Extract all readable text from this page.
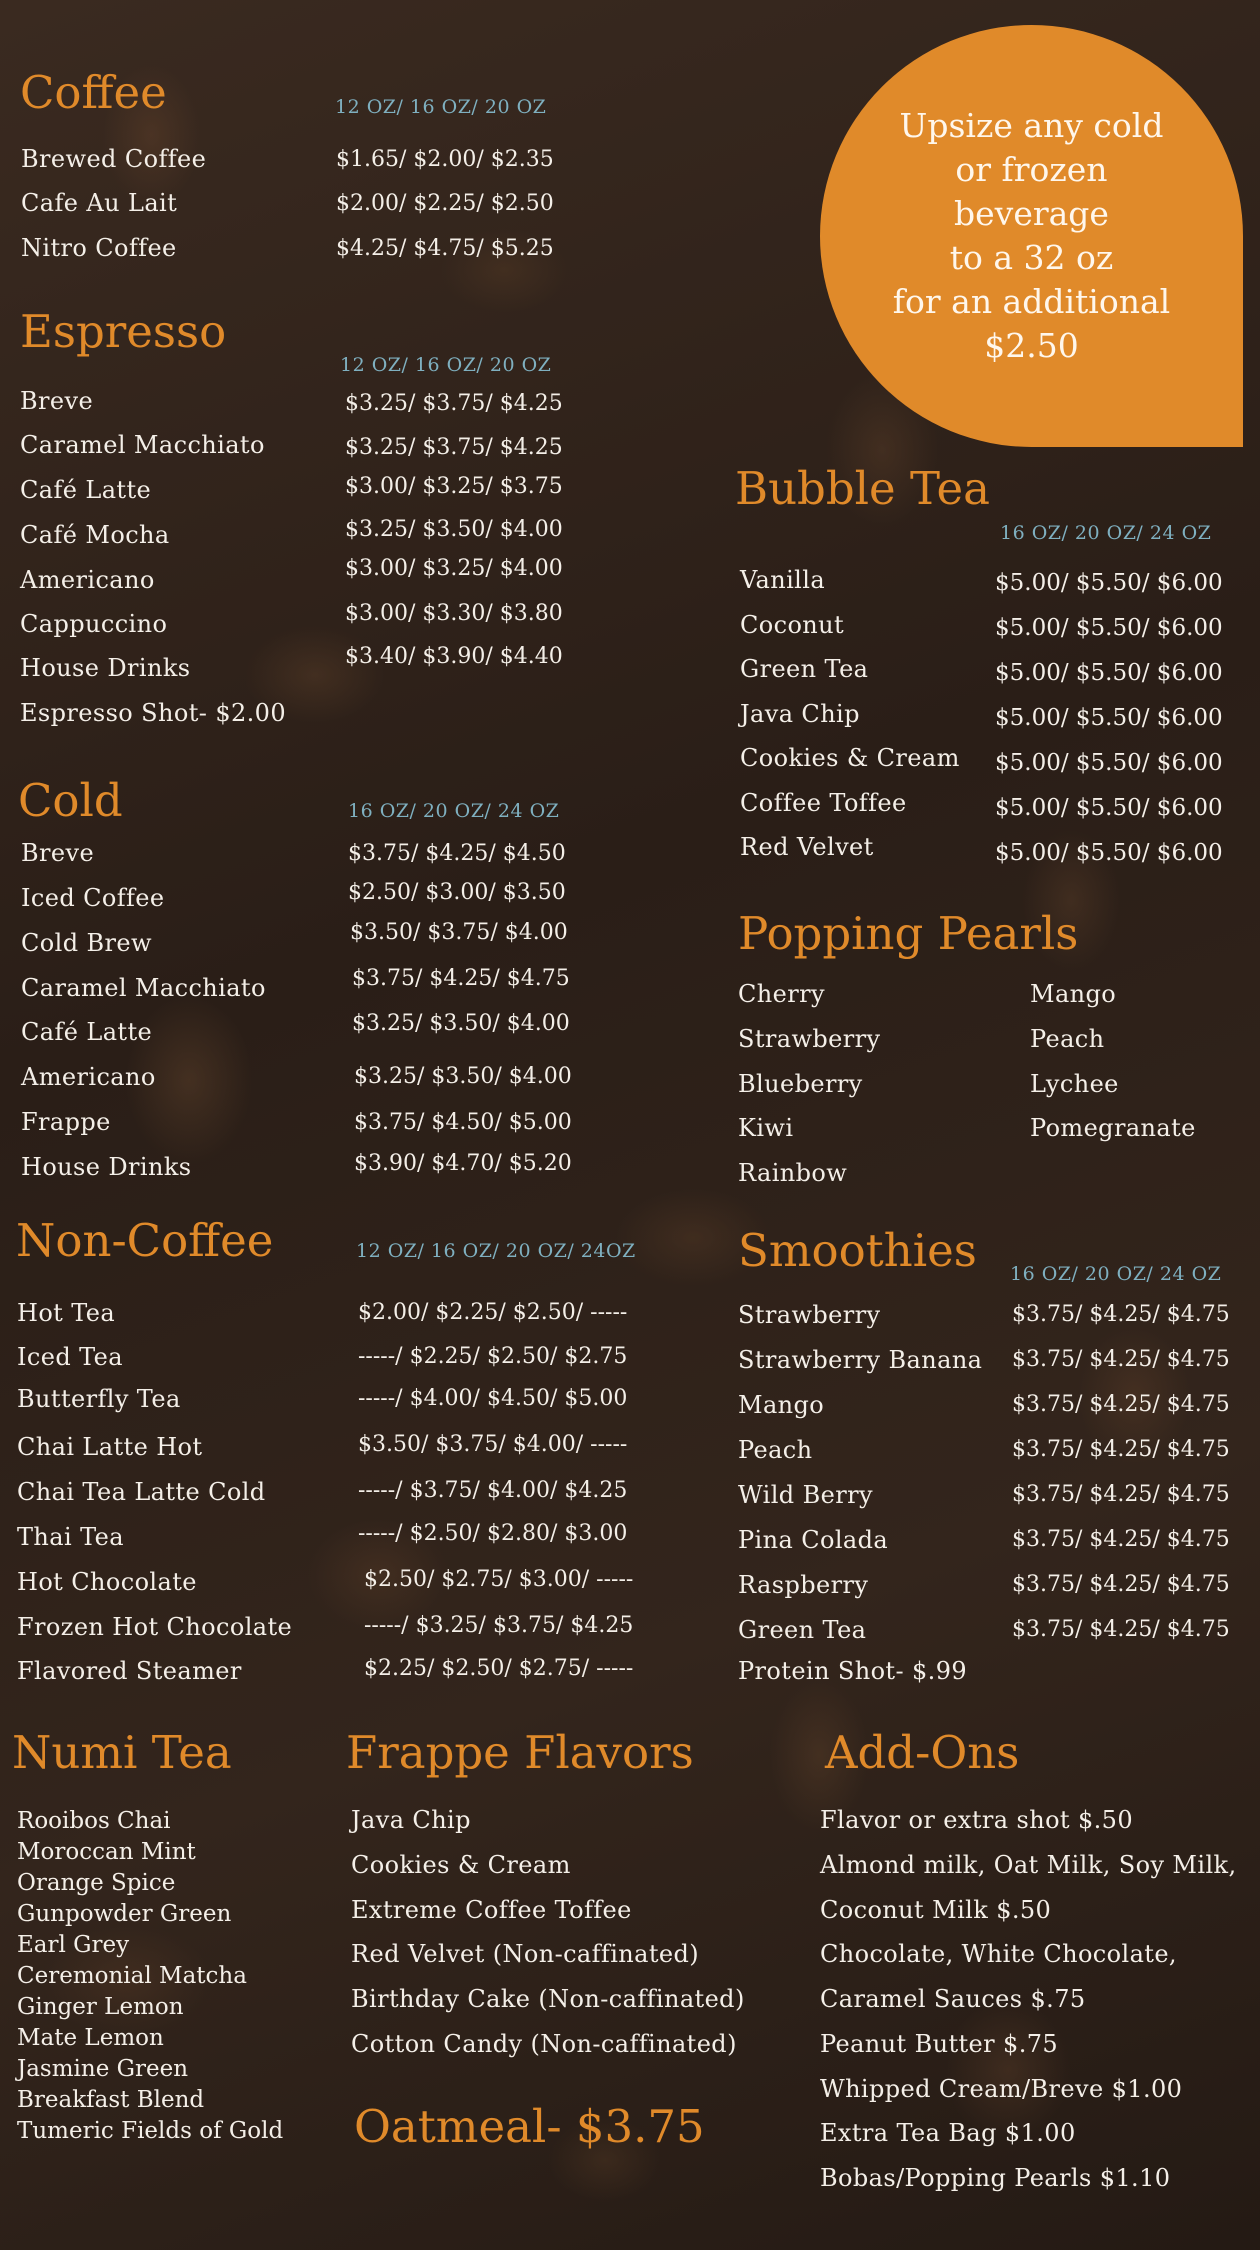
Upsize any cold
or frozen
beverage
to a 32 oz
for an additional
$2.50
Coffee	12 OZ/ 16 OZ/ 20 OZ
Brewed Coffee	$1.65/ $2.00/ $2.35
Cafe Au Lait	$2.00/ $2.25/ $2.50
Nitro Coffee	$4.25/ $4.75/ $5.25
Espresso
12 OZ/ 16 OZ/ 20 OZ
Breve	$3.25/ $3.75/ $4.25
Caramel Macchiato	$3.25/ $3.75/ $4.25
Café Latte	$3.00/ $3.25/ $3.75
Café Mocha	$3.25/ $3.50/ $4.00
Americano	$3.00/ $3.25/ $4.00
Cappuccino	$3.00/ $3.30/ $3.80
House Drinks	$3.40/ $3.90/ $4.40
Espresso Shot- $2.00
Cold	16 OZ/ 20 OZ/ 24 OZ
Breve	$3.75/ $4.25/ $4.50
Iced Coffee	$2.50/ $3.00/ $3.50
Cold Brew	$3.50/ $3.75/ $4.00
Caramel Macchiato	$3.75/ $4.25/ $4.75
Café Latte	$3.25/ $3.50/ $4.00
Americano	$3.25/ $3.50/ $4.00
Frappe	$3.75/ $4.50/ $5.00
House Drinks	$3.90/ $4.70/ $5.20
Non-Coffee	12 OZ/ 16 OZ/ 20 OZ/ 24OZ
Hot Tea	$2.00/ $2.25/ $2.50/ -----
Iced Tea	-----/ $2.25/ $2.50/ $2.75
Butterfly Tea	-----/ $4.00/ $4.50/ $5.00
Chai Latte Hot	$3.50/ $3.75/ $4.00/ -----
Chai Tea Latte Cold	-----/ $3.75/ $4.00/ $4.25
Thai Tea	-----/ $2.50/ $2.80/ $3.00
Hot Chocolate	$2.50/ $2.75/ $3.00/ -----
Frozen Hot Chocolate	-----/ $3.25/ $3.75/ $4.25
Flavored Steamer	$2.25/ $2.50/ $2.75/ -----
Bubble Tea
16 OZ/ 20 OZ/ 24 OZ
Vanilla	$5.00/ $5.50/ $6.00
Coconut	$5.00/ $5.50/ $6.00
Green Tea	$5.00/ $5.50/ $6.00
Java Chip	$5.00/ $5.50/ $6.00
Cookies & Cream $5.00/ $5.50/ $6.00
Coffee Toffee	$5.00/ $5.50/ $6.00
Red Velvet	$5.00/ $5.50/ $6.00
Popping Pearls
Cherry
Strawberry
Blueberry
Kiwi
Rainbow
Mango
Peach
Lychee
Pomegranate
Smoothies 16 OZ/ 20 OZ/ 24 OZ
Strawberry	$3.75/ $4.25/ $4.75
Strawberry Banana $3.75/ $4.25/ $4.75
Mango	$3.75/ $4.25/ $4.75
Peach	$3.75/ $4.25/ $4.75
Wild Berry	$3.75/ $4.25/ $4.75
Pina Colada	$3.75/ $4.25/ $4.75
Raspberry	$3.75/ $4.25/ $4.75
Green Tea	$3.75/ $4.25/ $4.75
Protein Shot- $.99
Numi Tea
Rooibos Chai
Moroccan Mint
Orange Spice
Gunpowder Green
Earl Grey
Ceremonial Matcha
Ginger Lemon
Mate Lemon
Jasmine Green
Breakfast Blend
Tumeric Fields of Gold
Frappe Flavors
Java Chip
Cookies & Cream
Extreme Coffee Toffee
Red Velvet (Non-caffinated)
Birthday Cake (Non-caffinated)
Cotton Candy (Non-caffinated)
Oatmeal- $3.75
Add-Ons
Flavor or extra shot $.50
Almond milk, Oat Milk, Soy Milk,
Coconut Milk $.50
Chocolate, White Chocolate,
Caramel Sauces $.75
Peanut Butter $.75
Whipped Cream/Breve $1.00
Extra Tea Bag $1.00
Bobas/Popping Pearls $1.10
